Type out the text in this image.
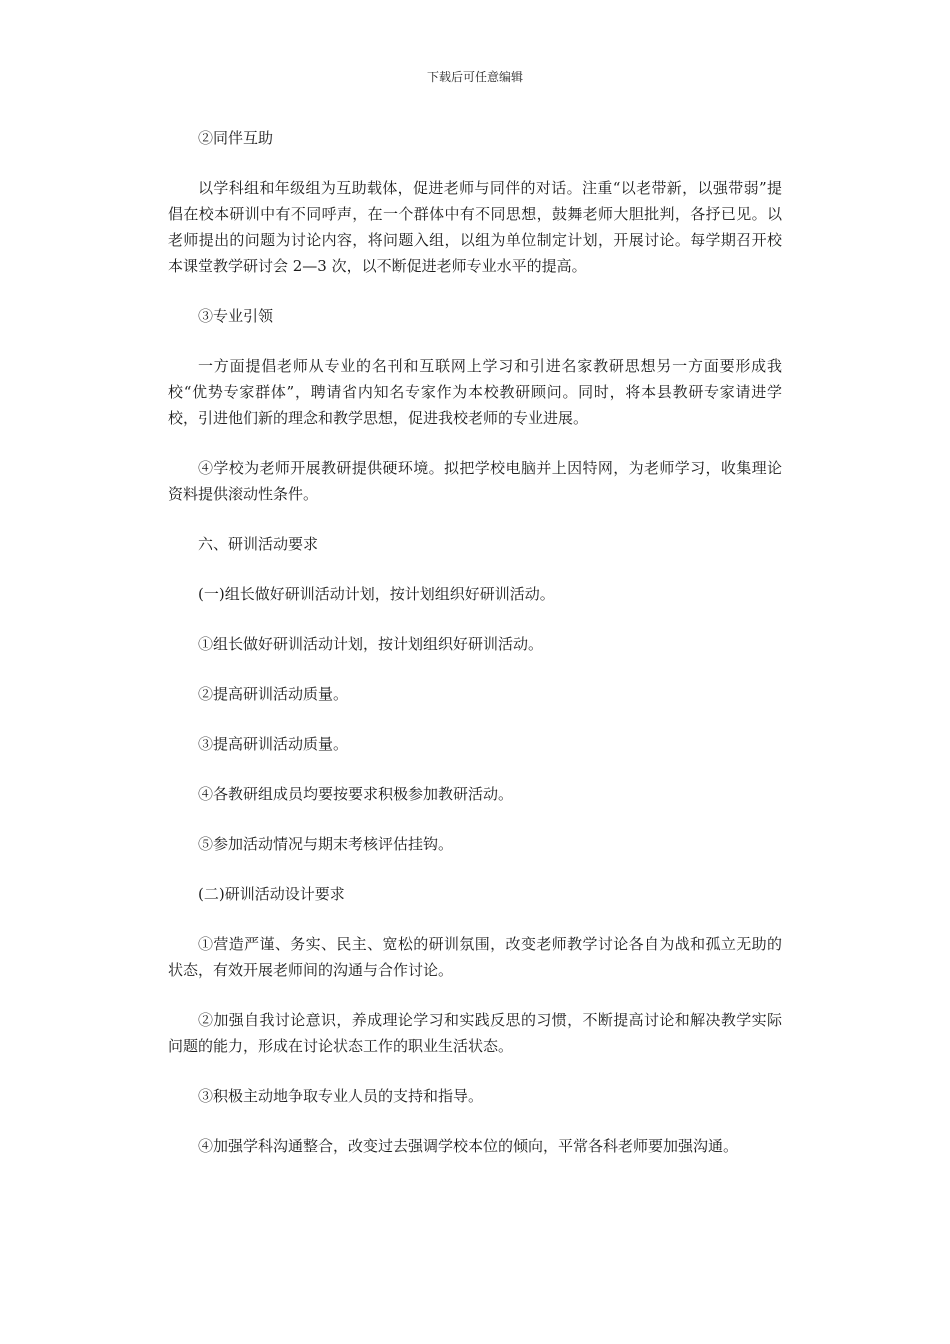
下载后可任意编辑

②同伴互助

以学科组和年级组为互助载体，促进老师与同伴的对话。注重“以老带新，以强带弱”提倡在校本研训中有不同呼声，在一个群体中有不同思想，鼓舞老师大胆批判，各抒已见。以老师提出的问题为讨论内容，将问题入组，以组为单位制定计划，开展讨论。每学期召开校本课堂教学研讨会 2—3 次，以不断促进老师专业水平的提高。

③专业引领

一方面提倡老师从专业的名刊和互联网上学习和引进名家教研思想另一方面要形成我校“优势专家群体”，聘请省内知名专家作为本校教研顾问。同时，将本县教研专家请进学校，引进他们新的理念和教学思想，促进我校老师的专业进展。

④学校为老师开展教研提供硬环境。拟把学校电脑并上因特网，为老师学习，收集理论资料提供滚动性条件。

六、研训活动要求

(一)组长做好研训活动计划，按计划组织好研训活动。

①组长做好研训活动计划，按计划组织好研训活动。

②提高研训活动质量。

③提高研训活动质量。

④各教研组成员均要按要求积极参加教研活动。

⑤参加活动情况与期末考核评估挂钩。

(二)研训活动设计要求

①营造严谨、务实、民主、宽松的研训氛围，改变老师教学讨论各自为战和孤立无助的状态，有效开展老师间的沟通与合作讨论。

②加强自我讨论意识，养成理论学习和实践反思的习惯，不断提高讨论和解决教学实际问题的能力，形成在讨论状态工作的职业生活状态。

③积极主动地争取专业人员的支持和指导。

④加强学科沟通整合，改变过去强调学校本位的倾向，平常各科老师要加强沟通。
